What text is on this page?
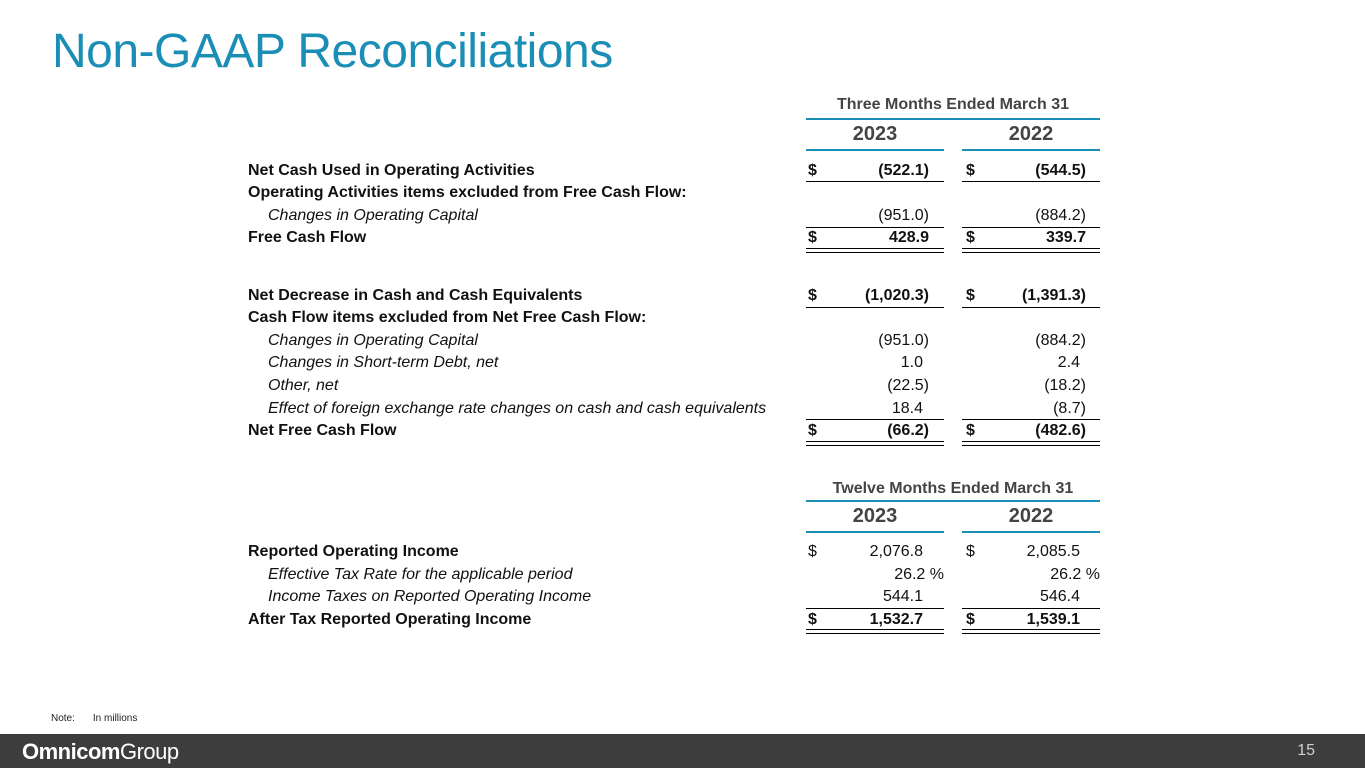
Non-GAAP Reconciliations
Three Months Ended March 31
2023	2022
Net Cash Used in Operating Activities	$	(522.1) $	(544.5)
Operating Activities items excluded from Free Cash Flow:
Changes in Operating Capital	(951.0)	(884.2)
Free Cash Flow	$	428.9 $	339.7
Net Decrease in Cash and Cash Equivalents	$	(1,020.3) $	(1,391.3)
Cash Flow items excluded from Net Free Cash Flow:
Changes in Operating Capital	(951.0)	(884.2)
Changes in Short-term Debt, net	1.0	2.4
Other, net	(22.5)	(18.2)
Effect of foreign exchange rate changes on cash and cash equivalents	18.4	(8.7)
Net Free Cash Flow	$	(66.2) $	(482.6)
Twelve Months Ended March 31
2023	2022
Reported Operating Income	$	2,076.8	$	2,085.5
Effective Tax Rate for the applicable period	26.2 %	26.2 %
Income Taxes on Reported Operating Income	544.1	546.4
After Tax Reported Operating Income	$	1,532.7	$	1,539.1
Note: In millions
OmnicomGroup	15
